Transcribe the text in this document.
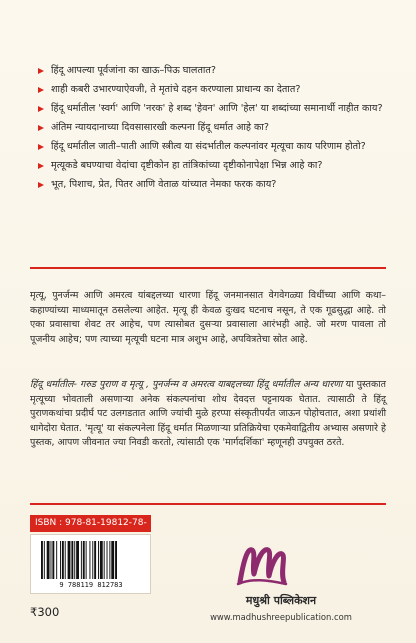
हिंदू आपल्या पूर्वजांना का खाऊ–पिऊ घालतात?
शाही कबरी उभारण्याऐवजी, ते मृतांचे दहन करण्याला प्राधान्य का देतात?
हिंदू धर्मातील 'स्वर्ग' आणि 'नरक' हे शब्द 'हेवन' आणि 'हेल' या शब्दांच्या समानार्थी नाहीत काय?
अंतिम न्यायदानाच्या दिवसासारखी कल्पना हिंदू धर्मात आहे का?
हिंदू धर्मातील जाती–पाती आणि स्त्रीत्व या संदर्भातील कल्पनांवर मृत्यूचा काय परिणाम होतो?
मृत्यूकडे बघण्याचा वेदांचा दृष्टीकोन हा तांत्रिकांच्या दृष्टीकोनापेक्षा भिन्न आहे का?
भूत, पिशाच, प्रेत, पितर आणि वेताळ यांच्यात नेमका फरक काय?

मृत्यू, पुनर्जन्म आणि अमरत्व यांबद्दलच्या धारणा हिंदू जनमानसात वेगवेगळ्या विधींच्या आणि कथा–कहाण्यांच्या माध्यमातून ठसलेल्या आहेत. मृत्यू ही केवळ दुःखद घटनाच नसून, ते एक गूढसुद्धा आहे. तो एका प्रवासाचा शेवट तर आहेच, पण त्यासोबत दुसऱ्या प्रवासाला आरंभही आहे. जो मरण पावला तो पूजनीय आहेच; पण त्याच्या मृत्यूची घटना मात्र अशुभ आहे, अपवित्रतेचा स्रोत आहे.

हिंदू धर्मातील- गरुड पुराण व मृत्यू , पुनर्जन्म व अमरत्व याबद्दलच्या हिंदू धर्मातील अन्य धारणा या पुस्तकात मृत्यूच्या भोवताली असणाऱ्या अनेक संकल्पनांचा शोध देवदत्त पट्टनायक घेतात. त्यासाठी ते हिंदू पुराणकथांचा प्रदीर्घ पट उलगडतात आणि ज्यांची मुळे हरप्पा संस्कृतीपर्यंत जाऊन पोहोचतात, अशा प्रथांशी धागेदोरा घेतात. 'मृत्यू' या संकल्पनेला हिंदू धर्मात मिळणाऱ्या प्रतिक्रियेचा एकमेवाद्वितीय अभ्यास असणारे हे पुस्तक, आपण जीवनात ज्या निवडी करतो, त्यांसाठी एक 'मार्गदर्शिका' म्हणूनही उपयुक्त ठरते.

ISBN : 978-81-19812-78-
9 788119 812783
₹300
मधुश्री पब्लिकेशन
www.madhushreepublication.com
